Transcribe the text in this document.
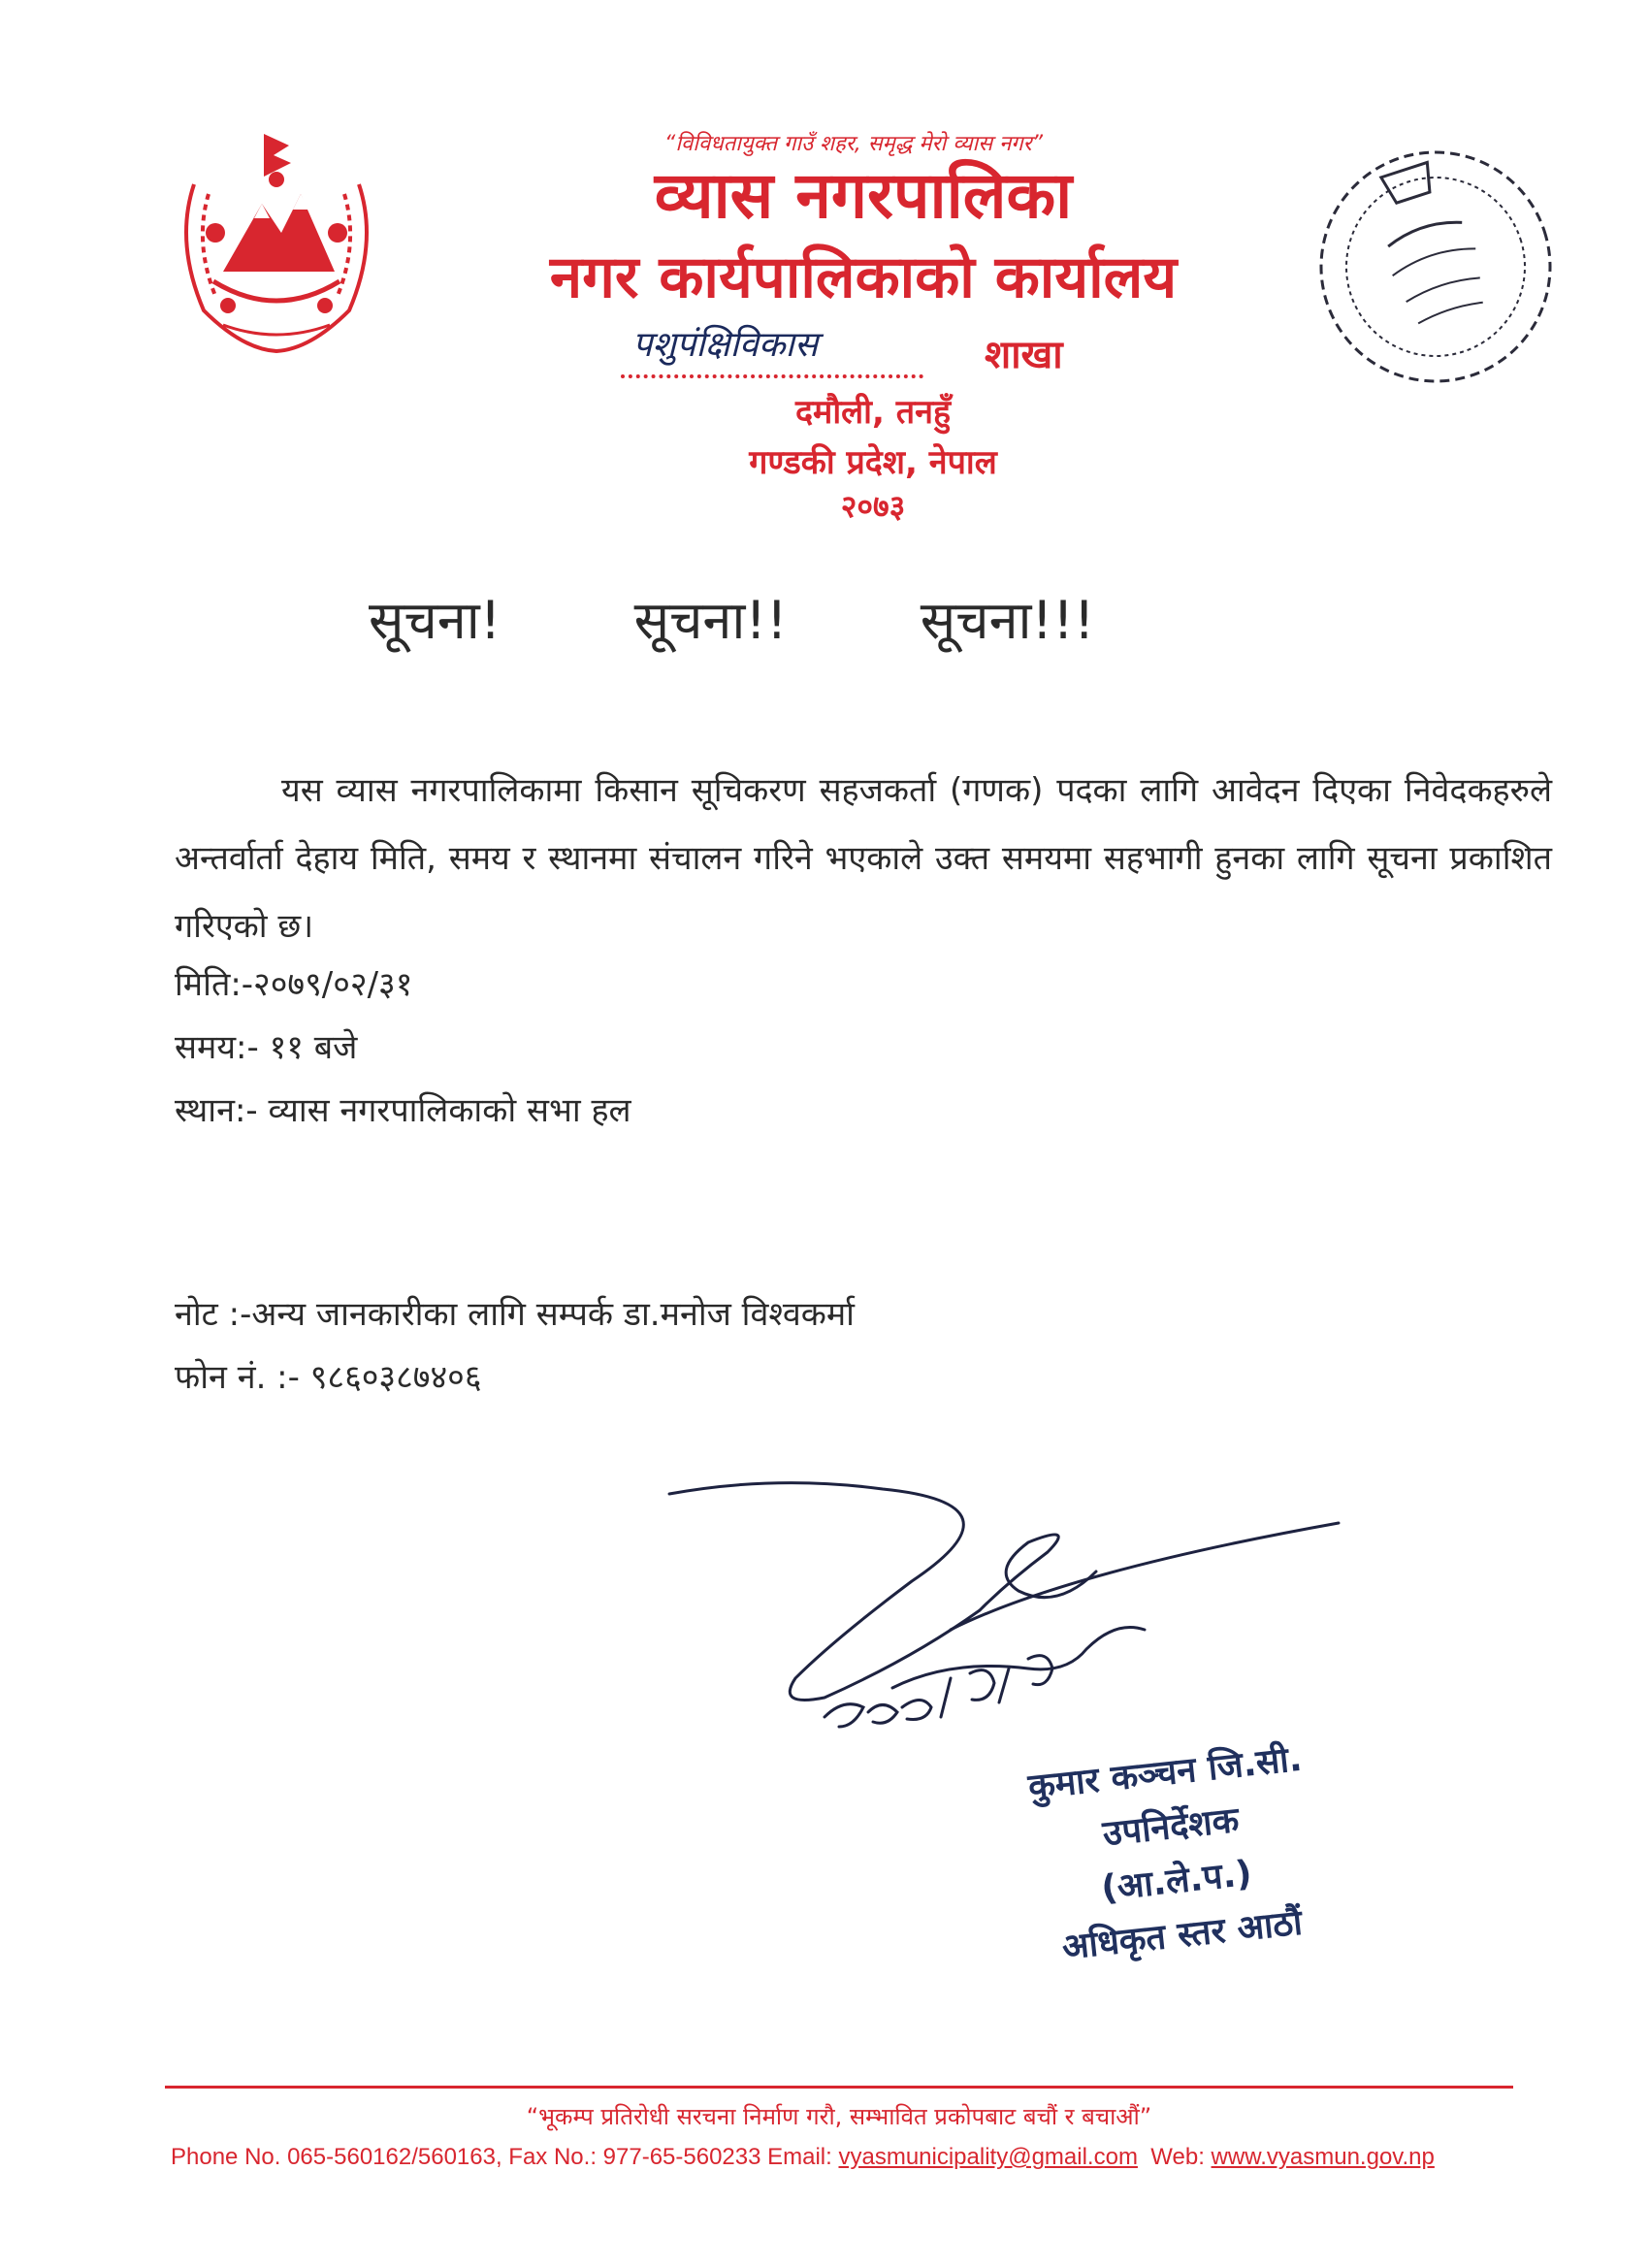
“विविधतायुक्त गाउँ शहर, समृद्ध मेरो व्यास नगर”
व्यास नगरपालिका
नगर कार्यपालिकाको कार्यालय
पशुपंक्षिविकास	शाखा
दमौली, तनहुँ
गण्डकी प्रदेश, नेपाल
२०७३
सूचना!	सूचना!!	सूचना!!!
यस व्यास नगरपालिकामा किसान सूचिकरण सहजकर्ता (गणक) पदका लागि आवेदन दिएका निवेदकहरुले अन्तर्वार्ता देहाय मिति, समय र स्थानमा संचालन गरिने भएकाले उक्त समयमा सहभागी हुनका लागि सूचना प्रकाशित गरिएको छ।
मिति:-२०७९/०२/३१
समय:- ११ बजे
स्थान:- व्यास नगरपालिकाको सभा हल
नोट :-अन्य जानकारीका लागि सम्पर्क डा.मनोज विश्वकर्मा
फोन नं. :- ९८६०३८७४०६
कुमार कञ्चन जि.सी.
उपनिर्देशक
(आ.ले.प.)
अधिकृत स्तर आठौं
“भूकम्प प्रतिरोधी सरचना निर्माण गरौ, सम्भावित प्रकोपबाट बचौं र बचाऔं”
Phone No. 065-560162/560163, Fax No.: 977-65-560233 Email: vyasmunicipality@gmail.com Web: www.vyasmun.gov.np
